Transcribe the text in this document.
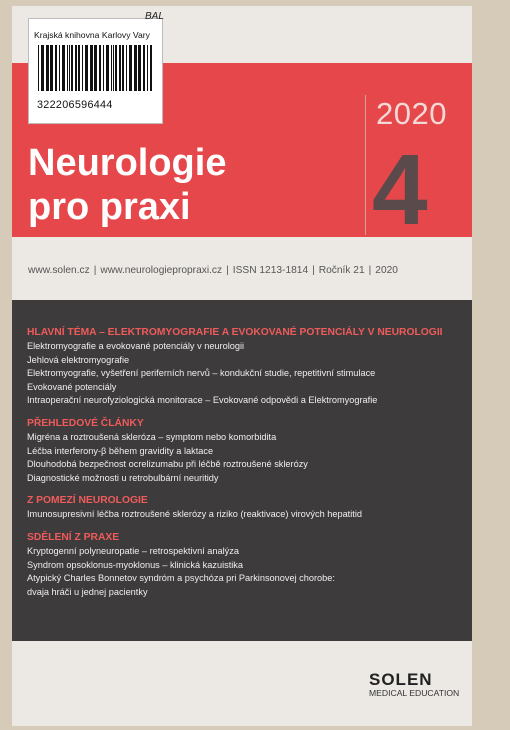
BAL
Krajská knihovna Karlovy Vary
322206596444	2020
4
Neurologie
pro praxi
www.solen.cz | www.neurologiepropraxi.cz | ISSN 1213-1814 | Ročník 21 | 2020
HLAVNÍ TÉMA – ELEKTROMYOGRAFIE A EVOKOVANÉ POTENCIÁLY V NEUROLOGII
Elektromyografie a evokované potenciály v neurologii
Jehlová elektromyografie
Elektromyografie, vyšetření periferních nervů – kondukční studie, repetitivní stimulace
Evokované potenciály
Intraoperační neurofyziologická monitorace – Evokované odpovědi a Elektromyografie
PŘEHLEDOVÉ ČLÁNKY
Migréna a roztroušená skleróza – symptom nebo komorbidita
Léčba interferony-β během gravidity a laktace
Dlouhodobá bezpečnost ocrelizumabu při léčbě roztroušené sklerózy
Diagnostické možnosti u retrobulbární neuritidy
Z POMEZÍ NEUROLOGIE
Imunosupresivní léčba roztroušené sklerózy a riziko (reaktivace) virových hepatitid
SDĚLENÍ Z PRAXE
Kryptogenní polyneuropatie – retrospektivní analýza
Syndrom opsoklonus-myoklonus – klinická kazuistika
Atypický Charles Bonnetov syndróm a psychóza pri Parkinsonovej chorobe:
dvaja hráči u jednej pacientky
SOLEN
MEDICAL EDUCATION
